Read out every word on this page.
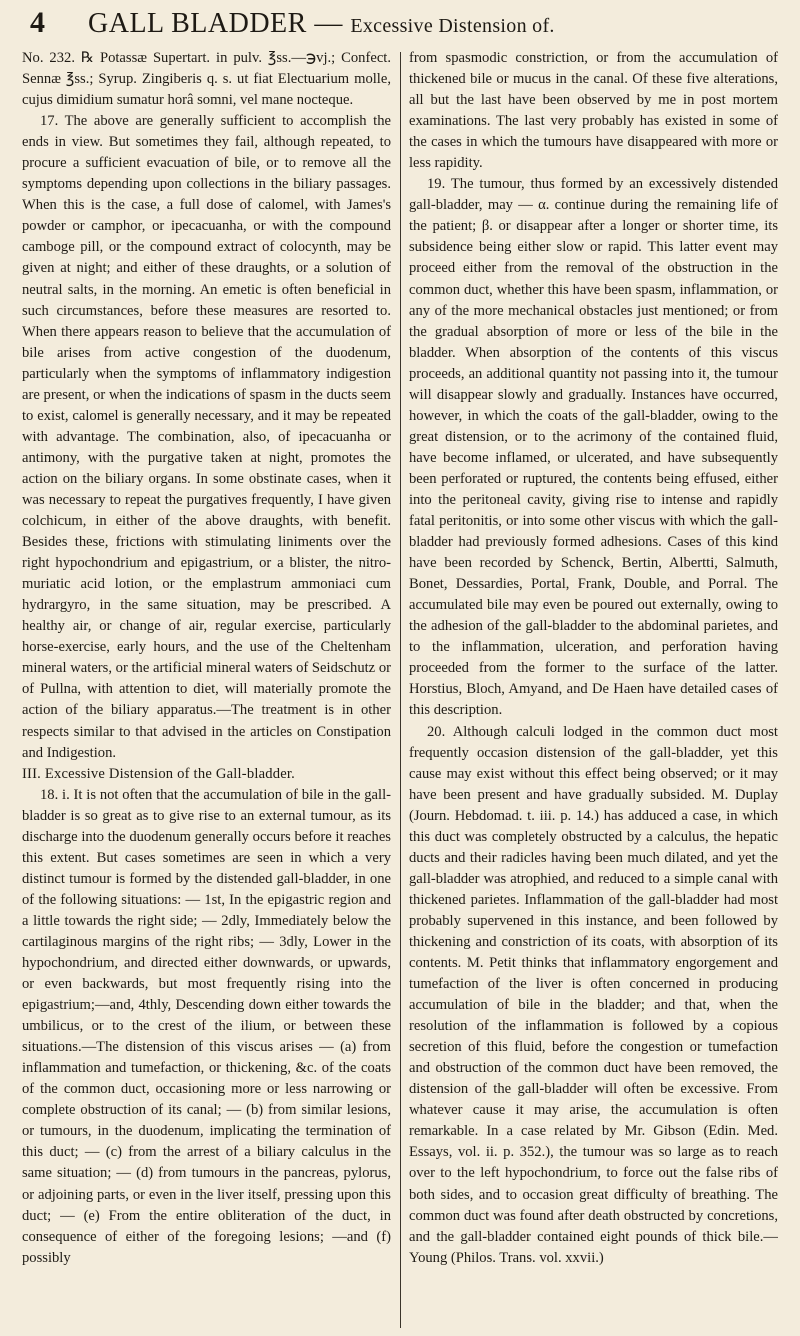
4	GALL BLADDER — Excessive Distension of.

No. 232. ℞ Potassæ Supertart. in pulv. ℥ss.—℈vj.; Confect. Sennæ ℥ss.; Syrup. Zingiberis q. s. ut fiat Electuarium molle, cujus dimidium sumatur horâ somni, vel mane nocteque.

17. The above are generally sufficient to accomplish the ends in view. But sometimes they fail, although repeated, to procure a sufficient evacuation of bile, or to remove all the symptoms depending upon collections in the biliary passages. When this is the case, a full dose of calomel, with James's powder or camphor, or ipecacuanha, or with the compound camboge pill, or the compound extract of colocynth, may be given at night; and either of these draughts, or a solution of neutral salts, in the morning. An emetic is often beneficial in such circumstances, before these measures are resorted to. When there appears reason to believe that the accumulation of bile arises from active congestion of the duodenum, particularly when the symptoms of inflammatory indigestion are present, or when the indications of spasm in the ducts seem to exist, calomel is generally necessary, and it may be repeated with advantage. The combination, also, of ipecacuanha or antimony, with the purgative taken at night, promotes the action on the biliary organs. In some obstinate cases, when it was necessary to repeat the purgatives frequently, I have given colchicum, in either of the above draughts, with benefit. Besides these, frictions with stimulating liniments over the right hypochondrium and epigastrium, or a blister, the nitro-muriatic acid lotion, or the emplastrum ammoniaci cum hydrargyro, in the same situation, may be prescribed. A healthy air, or change of air, regular exercise, particularly horse-exercise, early hours, and the use of the Cheltenham mineral waters, or the artificial mineral waters of Seidschutz or of Pullna, with attention to diet, will materially promote the action of the biliary apparatus.—The treatment is in other respects similar to that advised in the articles on Constipation and Indigestion.

III. Excessive Distension of the Gall-bladder.

18. i. It is not often that the accumulation of bile in the gall-bladder is so great as to give rise to an external tumour, as its discharge into the duodenum generally occurs before it reaches this extent. But cases sometimes are seen in which a very distinct tumour is formed by the distended gall-bladder, in one of the following situations: — 1st, In the epigastric region and a little towards the right side; — 2dly, Immediately below the cartilaginous margins of the right ribs; — 3dly, Lower in the hypochondrium, and directed either downwards, or upwards, or even backwards, but most frequently rising into the epigastrium;—and, 4thly, Descending down either towards the umbilicus, or to the crest of the ilium, or between these situations.—The distension of this viscus arises — (a) from inflammation and tumefaction, or thickening, &c. of the coats of the common duct, occasioning more or less narrowing or complete obstruction of its canal; — (b) from similar lesions, or tumours, in the duodenum, implicating the termination of this duct; — (c) from the arrest of a biliary calculus in the same situation; — (d) from tumours in the pancreas, pylorus, or adjoining parts, or even in the liver itself, pressing upon this duct; — (e) From the entire obliteration of the duct, in consequence of either of the foregoing lesions; —and (f) possibly

from spasmodic constriction, or from the accumulation of thickened bile or mucus in the canal. Of these five alterations, all but the last have been observed by me in post mortem examinations. The last very probably has existed in some of the cases in which the tumours have disappeared with more or less rapidity.

19. The tumour, thus formed by an excessively distended gall-bladder, may — α. continue during the remaining life of the patient; β. or disappear after a longer or shorter time, its subsidence being either slow or rapid. This latter event may proceed either from the removal of the obstruction in the common duct, whether this have been spasm, inflammation, or any of the more mechanical obstacles just mentioned; or from the gradual absorption of more or less of the bile in the bladder. When absorption of the contents of this viscus proceeds, an additional quantity not passing into it, the tumour will disappear slowly and gradually. Instances have occurred, however, in which the coats of the gall-bladder, owing to the great distension, or to the acrimony of the contained fluid, have become inflamed, or ulcerated, and have subsequently been perforated or ruptured, the contents being effused, either into the peritoneal cavity, giving rise to intense and rapidly fatal peritonitis, or into some other viscus with which the gall-bladder had previously formed adhesions. Cases of this kind have been recorded by Schenck, Bertin, Albertti, Salmuth, Bonet, Dessardies, Portal, Frank, Double, and Porral. The accumulated bile may even be poured out externally, owing to the adhesion of the gall-bladder to the abdominal parietes, and to the inflammation, ulceration, and perforation having proceeded from the former to the surface of the latter. Horstius, Bloch, Amyand, and De Haen have detailed cases of this description.

20. Although calculi lodged in the common duct most frequently occasion distension of the gall-bladder, yet this cause may exist without this effect being observed; or it may have been present and have gradually subsided. M. Duplay (Journ. Hebdomad. t. iii. p. 14.) has adduced a case, in which this duct was completely obstructed by a calculus, the hepatic ducts and their radicles having been much dilated, and yet the gall-bladder was atrophied, and reduced to a simple canal with thickened parietes. Inflammation of the gall-bladder had most probably supervened in this instance, and been followed by thickening and constriction of its coats, with absorption of its contents. M. Petit thinks that inflammatory engorgement and tumefaction of the liver is often concerned in producing accumulation of bile in the bladder; and that, when the resolution of the inflammation is followed by a copious secretion of this fluid, before the congestion or tumefaction and obstruction of the common duct have been removed, the distension of the gall-bladder will often be excessive. From whatever cause it may arise, the accumulation is often remarkable. In a case related by Mr. Gibson (Edin. Med. Essays, vol. ii. p. 352.), the tumour was so large as to reach over to the left hypochondrium, to force out the false ribs of both sides, and to occasion great difficulty of breathing. The common duct was found after death obstructed by concretions, and the gall-bladder contained eight pounds of thick bile.—Young (Philos. Trans. vol. xxvii.)
